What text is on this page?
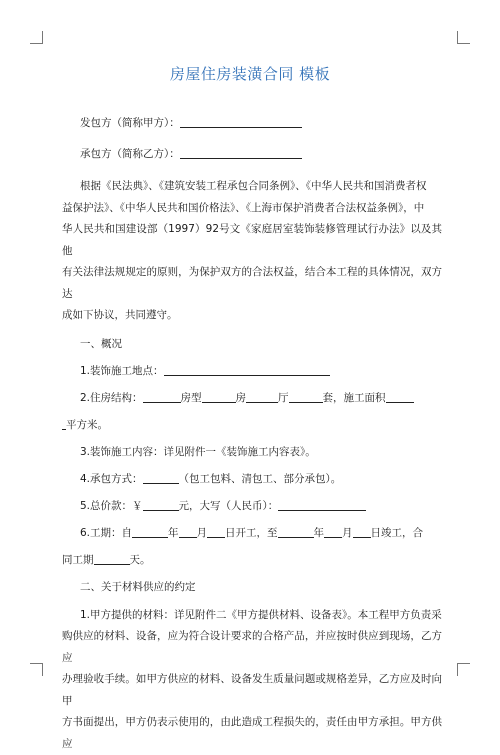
房屋住房装潢合同 模板
发包方（简称甲方）：
承包方（简称乙方）：
根据《民法典》、《建筑安装工程承包合同条例》、《中华人民共和国消费者权
益保护法》、《中华人民共和国价格法》、《上海市保护消费者合法权益条例》，中
华人民共和国建设部（1997）92号文《家庭居室装饰装修管理试行办法》以及其他
有关法律法规规定的原则，为保护双方的合法权益，结合本工程的具体情况，双方达
成如下协议，共同遵守。
一、概况
1.装饰施工地点：
2.住房结构：	房型	房	厅	套，施工面积
平方米。
3.装饰施工内容：详见附件一《装饰施工内容表》。
4.承包方式：	（包工包料、清包工、部分承包）。
5.总价款：￥	元，大写（人民币）：
6.工期：自	年 月 日开工，至	年 月 日竣工，合
同工期	天。
二、关于材料供应的约定
1.甲方提供的材料：详见附件二《甲方提供材料、设备表》。本工程甲方负责采
购供应的材料、设备，应为符合设计要求的合格产品，并应按时供应到现场，乙方应
办理验收手续。如甲方供应的材料、设备发生质量问题或规格差异，乙方应及时向甲
方书面提出，甲方仍表示使用的，由此造成工程损失的，责任由甲方承担。甲方供应
